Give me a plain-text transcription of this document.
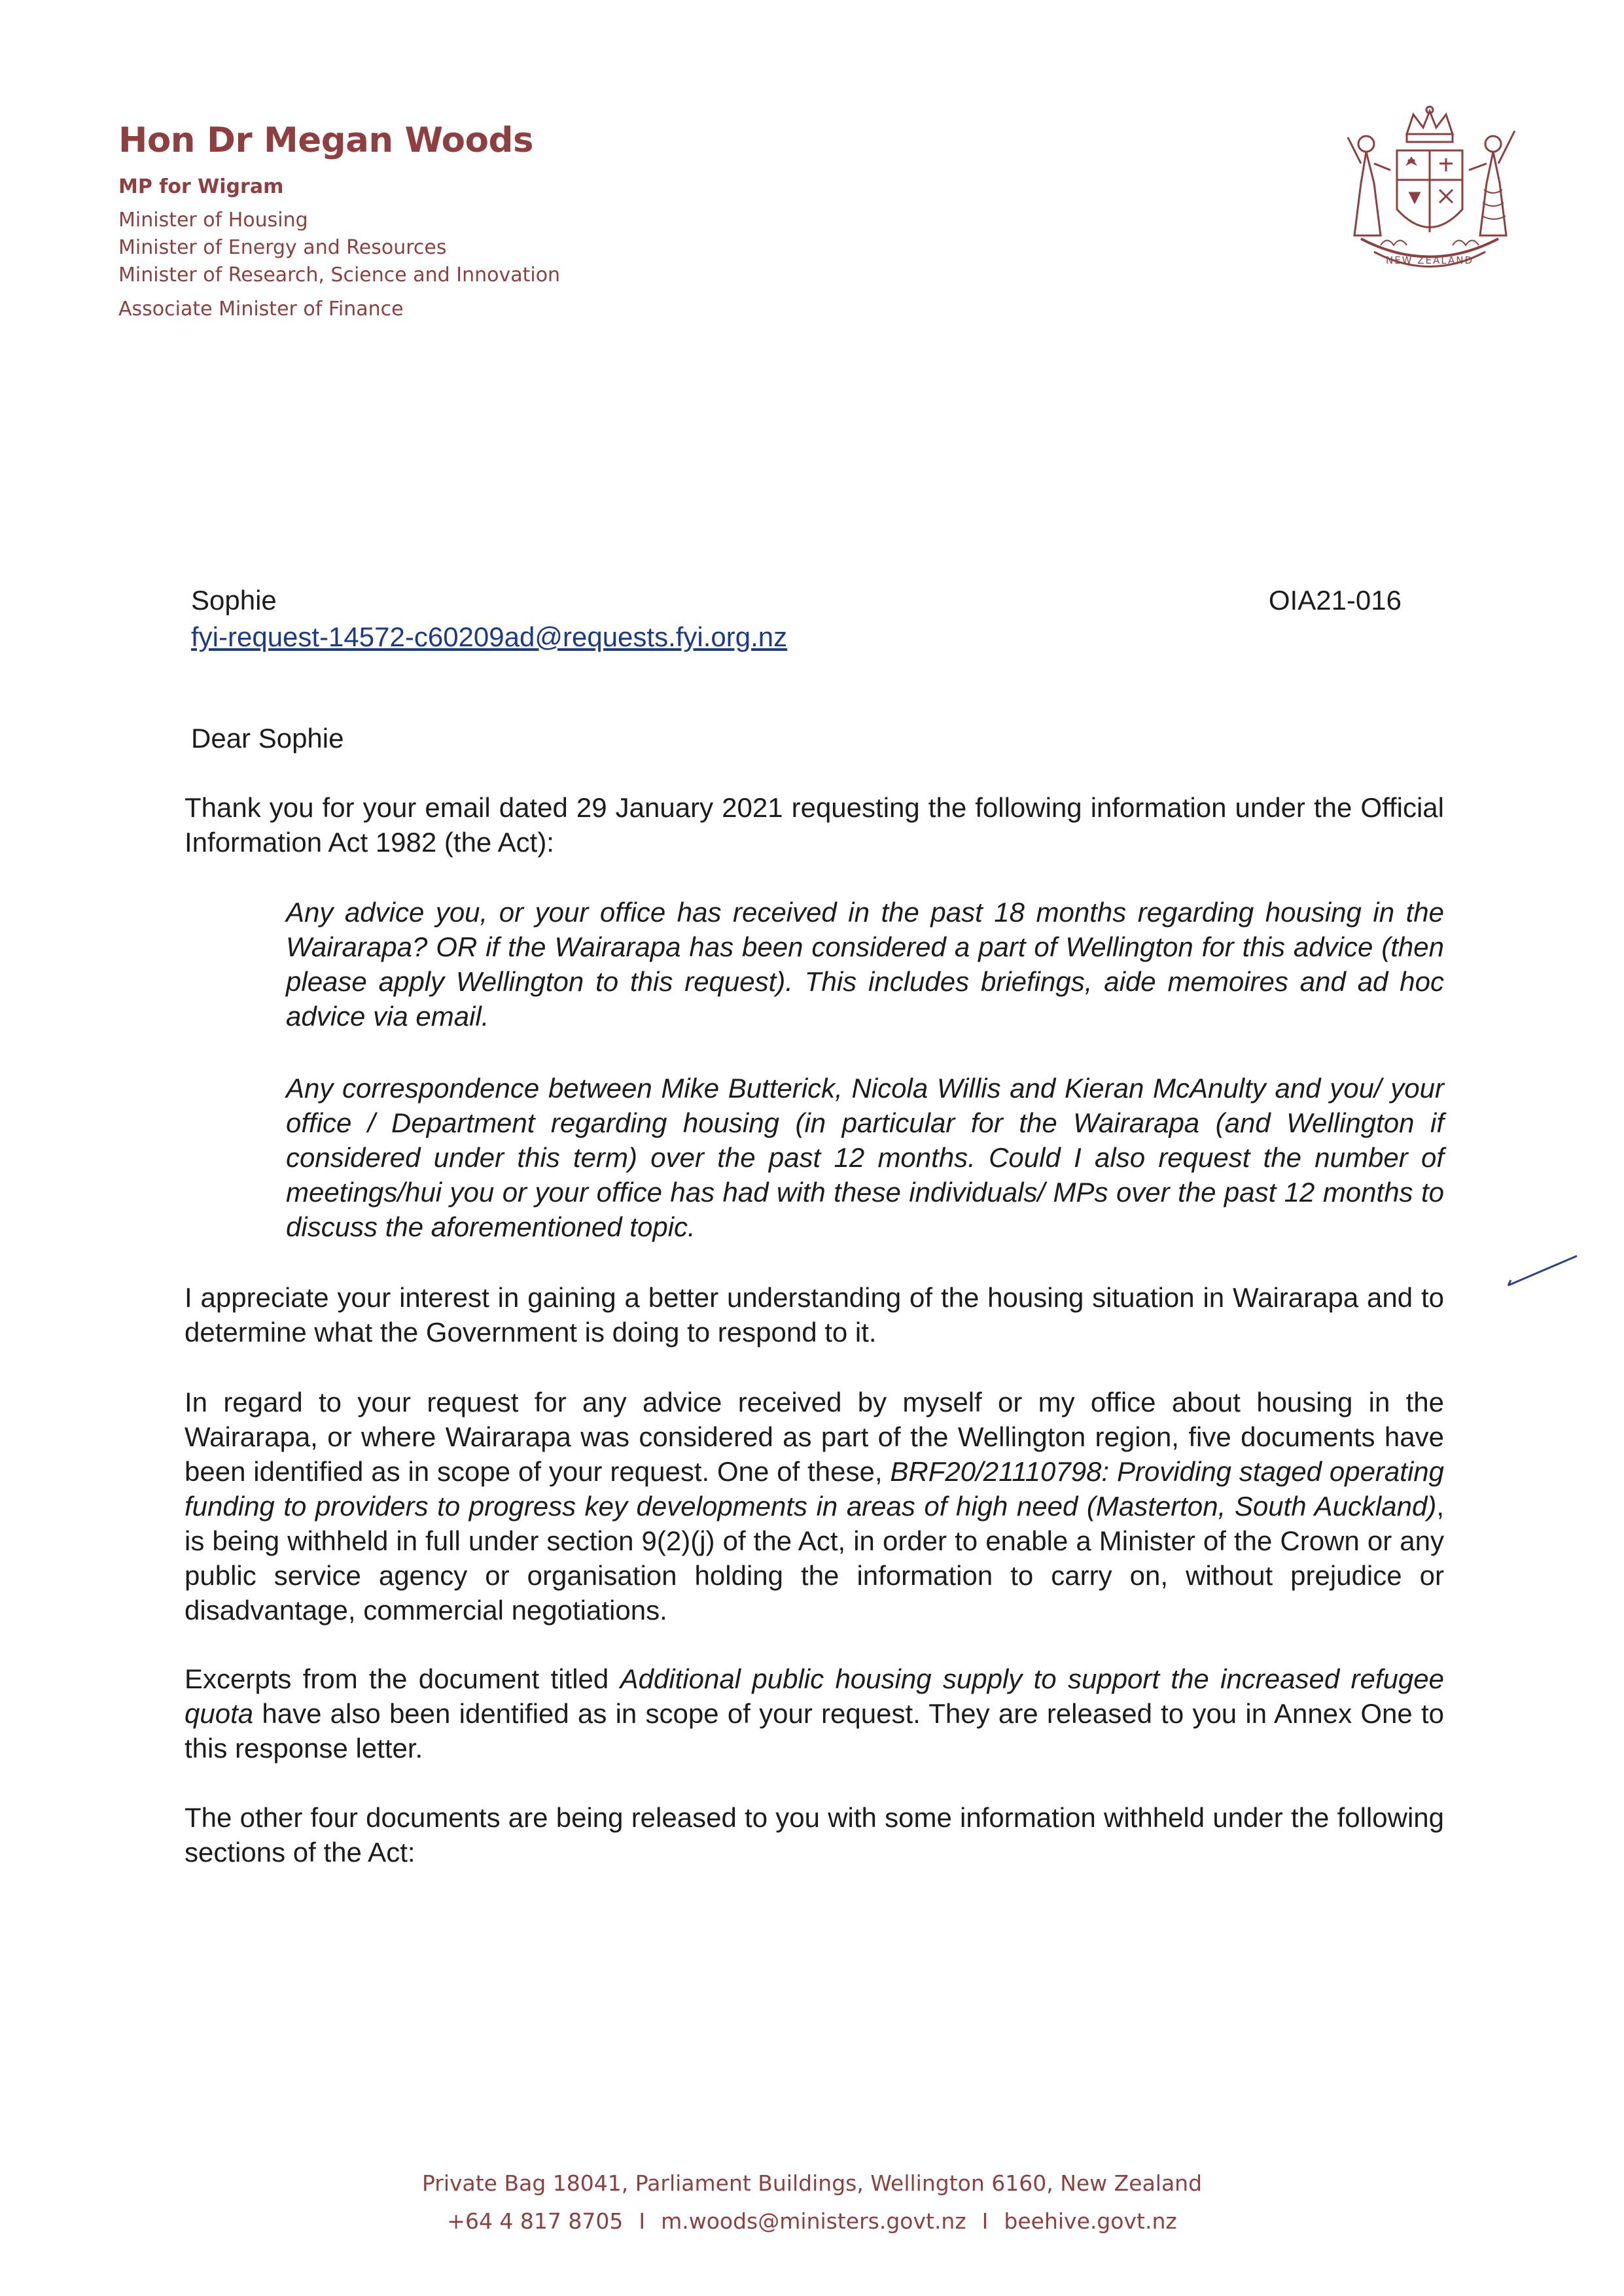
Hon Dr Megan Woods
MP for Wigram
Minister of Housing
Minister of Energy and Resources
Minister of Research, Science and Innovation
Associate Minister of Finance
NEW ZEALAND
Sophie
fyi-request-14572-c60209ad@requests.fyi.org.nz
OIA21-016
Dear Sophie
Thank you for your email dated 29 January 2021 requesting the following information under the Official Information Act 1982 (the Act):
Any advice you, or your office has received in the past 18 months regarding housing in the Wairarapa? OR if the Wairarapa has been considered a part of Wellington for this advice (then please apply Wellington to this request). This includes briefings, aide memoires and ad hoc advice via email.
Any correspondence between Mike Butterick, Nicola Willis and Kieran McAnulty and you/ your office / Department regarding housing (in particular for the Wairarapa (and Wellington if considered under this term) over the past 12 months. Could I also request the number of meetings/hui you or your office has had with these individuals/ MPs over the past 12 months to discuss the aforementioned topic.
I appreciate your interest in gaining a better understanding of the housing situation in Wairarapa and to determine what the Government is doing to respond to it.
In regard to your request for any advice received by myself or my office about housing in the Wairarapa, or where Wairarapa was considered as part of the Wellington region, five documents have been identified as in scope of your request. One of these, BRF20/21110798: Providing staged operating funding to providers to progress key developments in areas of high need (Masterton, South Auckland), is being withheld in full under section 9(2)(j) of the Act, in order to enable a Minister of the Crown or any public service agency or organisation holding the information to carry on, without prejudice or disadvantage, commercial negotiations.
Excerpts from the document titled Additional public housing supply to support the increased refugee quota have also been identified as in scope of your request. They are released to you in Annex One to this response letter.
The other four documents are being released to you with some information withheld under the following sections of the Act:
Private Bag 18041, Parliament Buildings, Wellington 6160, New Zealand
+64 4 817 8705 I m.woods@ministers.govt.nz I beehive.govt.nz
